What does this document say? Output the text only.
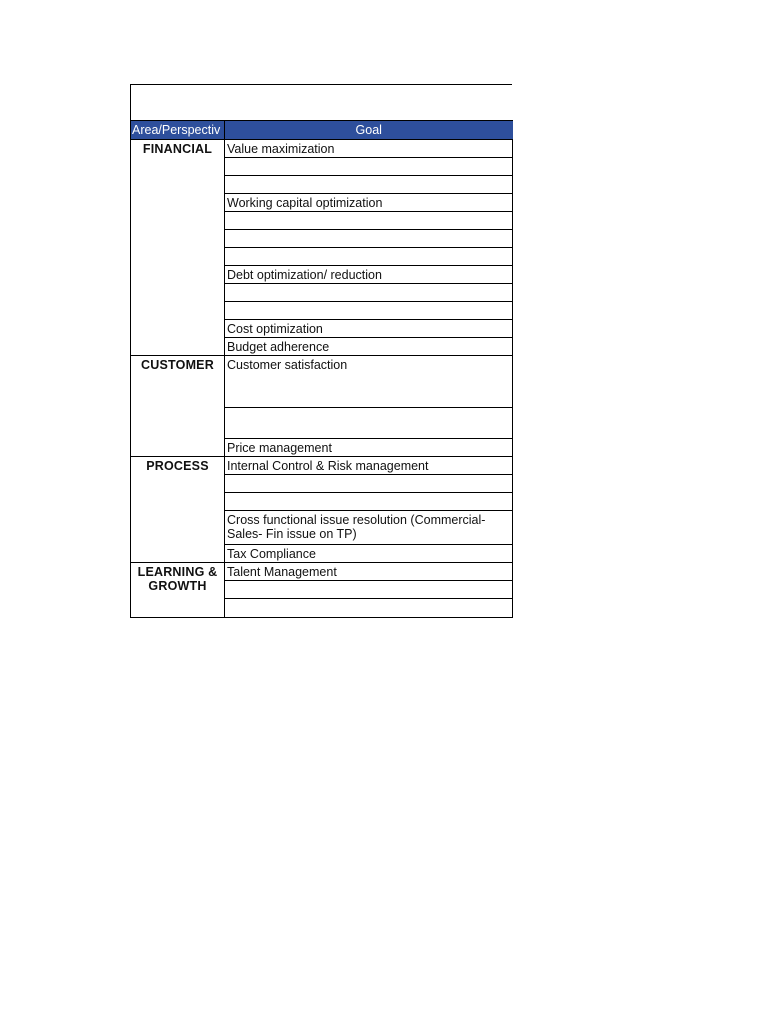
Area/Perspectiv	Goal
FINANCIAL	Value maximization

	Working capital optimization

	Debt optimization/ reduction

	Cost optimization
	Budget adherence
CUSTOMER	Customer satisfaction

	Price management
PROCESS	Internal Control & Risk management

	Cross functional issue resolution (Commercial- Sales- Fin issue on TP)
	Tax Compliance
LEARNING & GROWTH	Talent Management
